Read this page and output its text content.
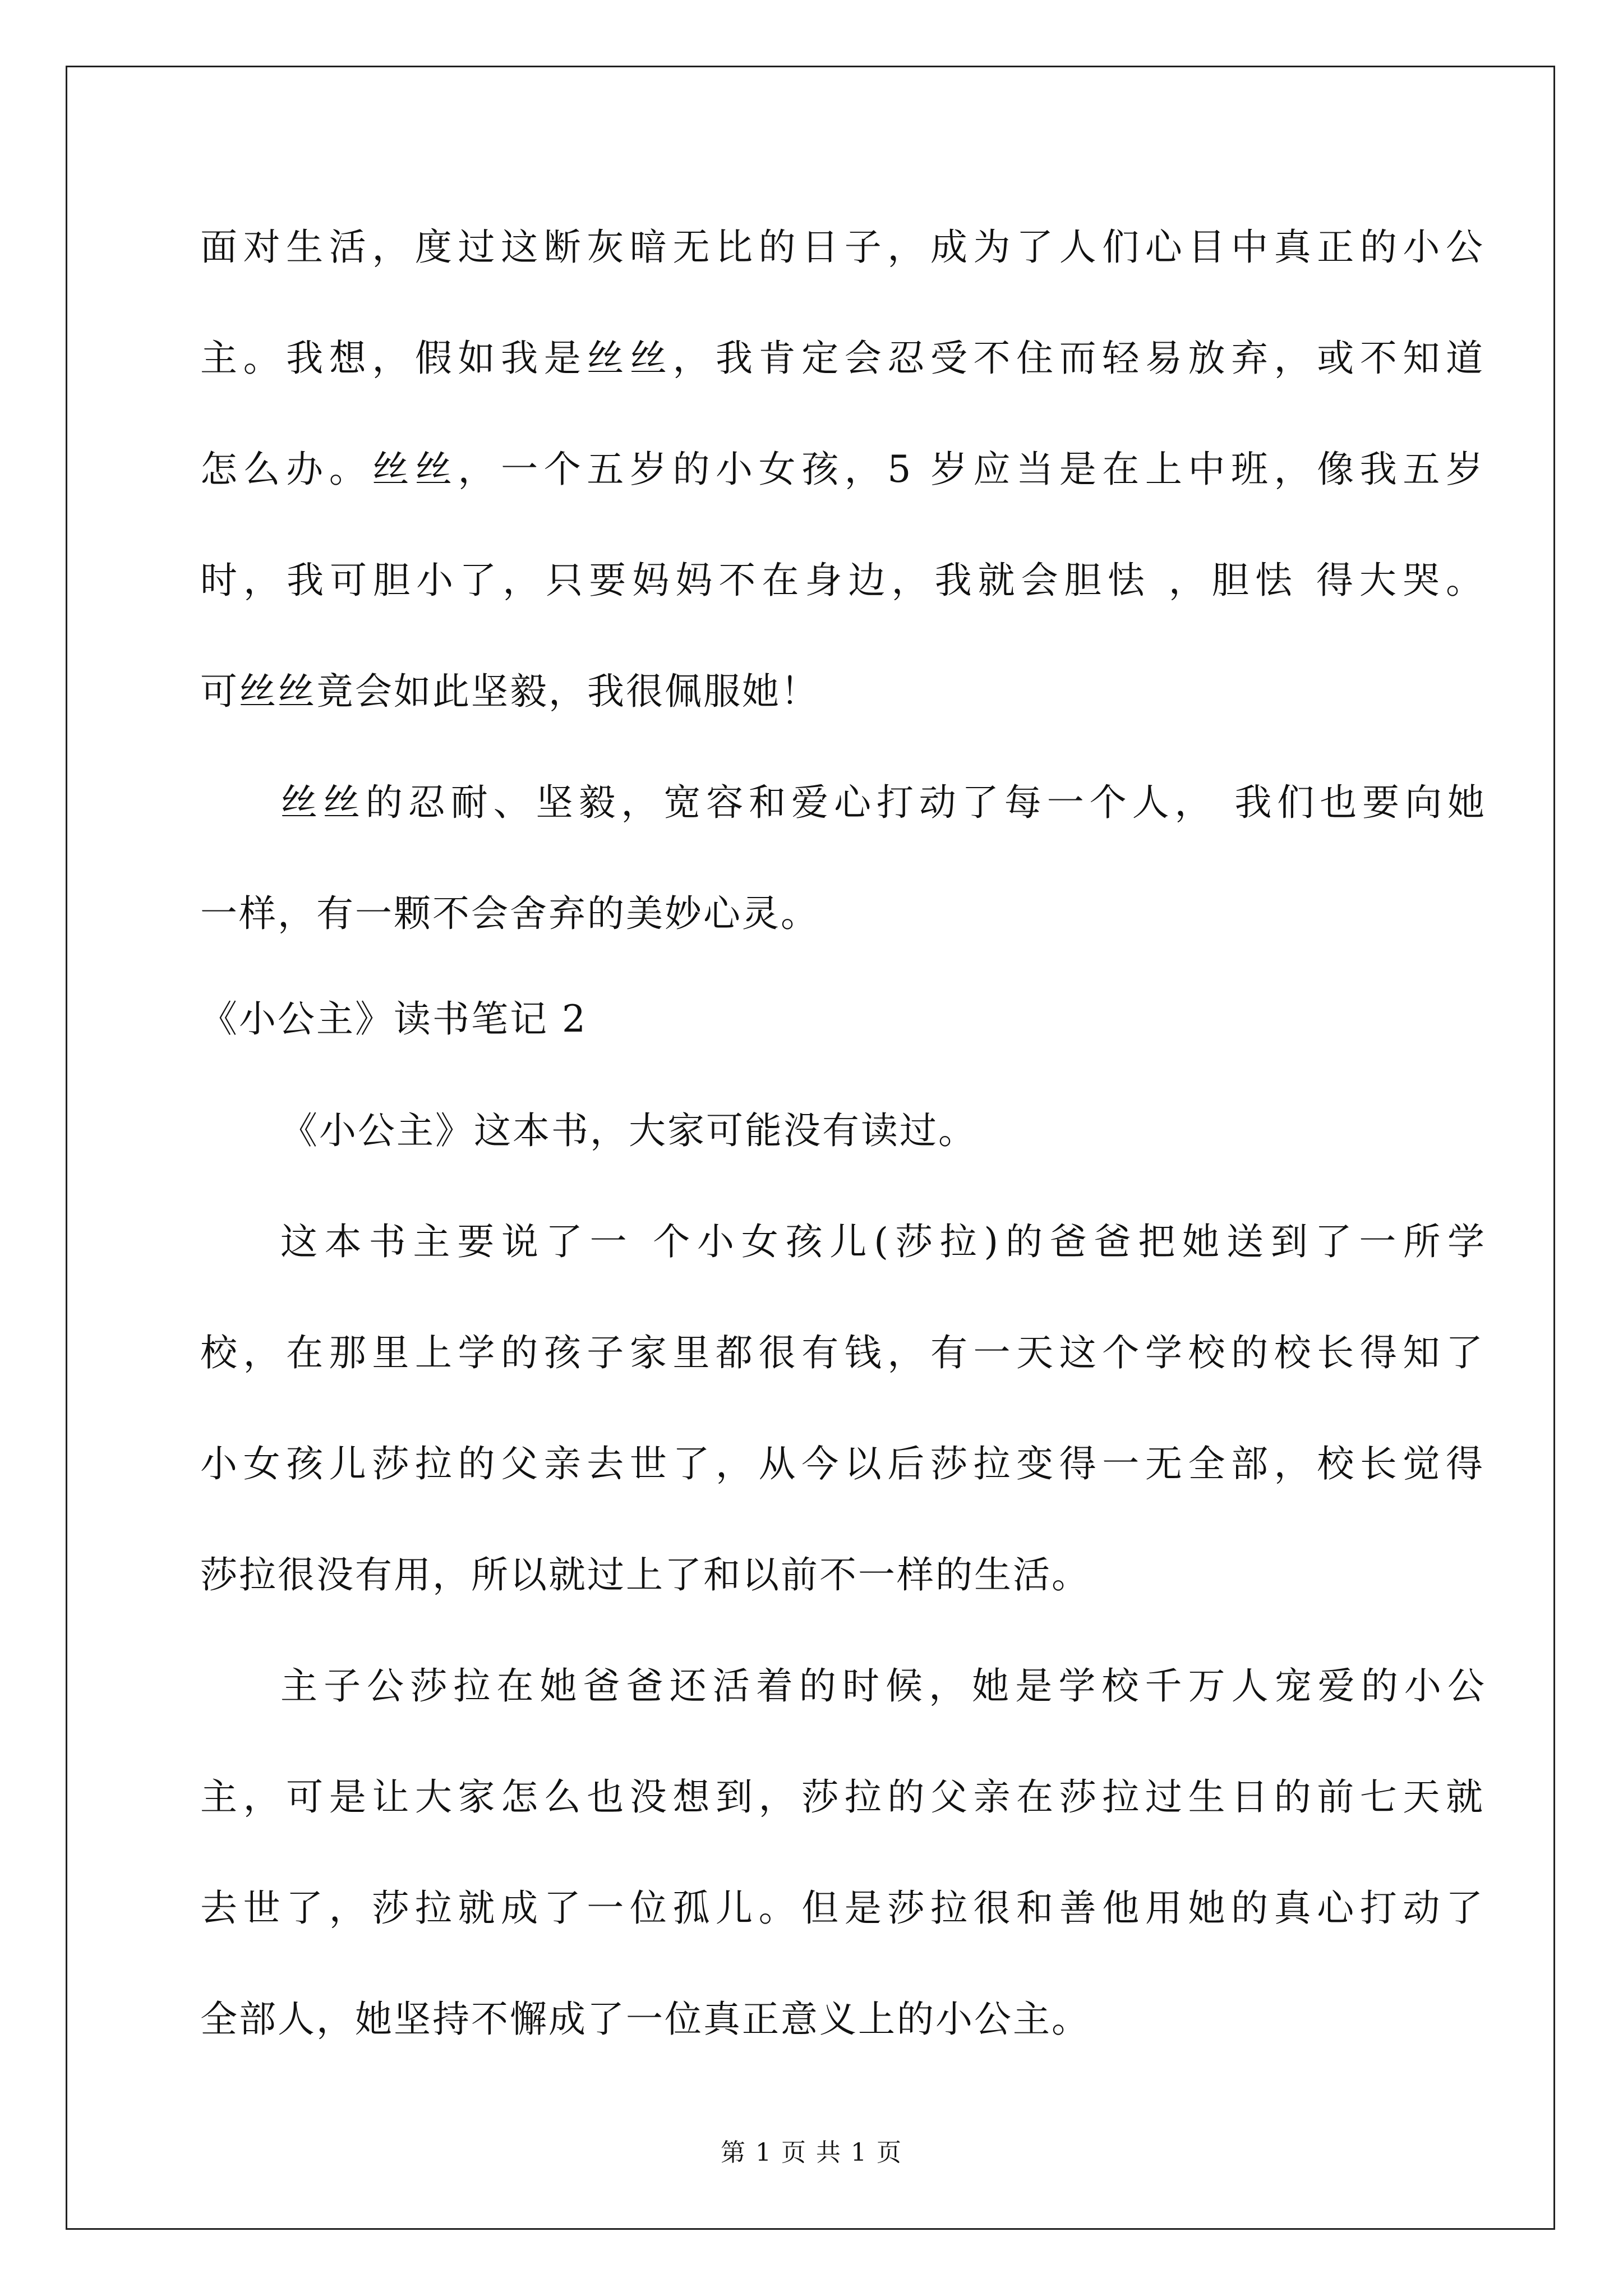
面对生活，度过这断灰暗无比的日子，成为了人们心目中真正的小公
主。我想，假如我是丝丝，我肯定会忍受不住而轻易放弃，或不知道
怎么办。丝丝，一个五岁的小女孩，5 岁应当是在上中班，像我五岁
时，我可胆小了，只要妈妈不在身边，我就会胆怯 ，胆怯 得大哭。
可丝丝竟会如此坚毅，我很佩服她！
丝丝的忍耐、坚毅，宽容和爱心打动了每一个人， 我们也要向她
一样，有一颗不会舍弃的美妙心灵。
《小公主》读书笔记 2
《小公主》这本书，大家可能没有读过。
这本书主要说了一 个小女孩儿(莎拉)的爸爸把她送到了一所学
校，在那里上学的孩子家里都很有钱，有一天这个学校的校长得知了
小女孩儿莎拉的父亲去世了，从今以后莎拉变得一无全部，校长觉得
莎拉很没有用，所以就过上了和以前不一样的生活。
主子公莎拉在她爸爸还活着的时候，她是学校千万人宠爱的小公
主，可是让大家怎么也没想到，莎拉的父亲在莎拉过生日的前七天就
去世了，莎拉就成了一位孤儿。但是莎拉很和善他用她的真心打动了
全部人，她坚持不懈成了一位真正意义上的小公主。
第 1 页 共 1 页
